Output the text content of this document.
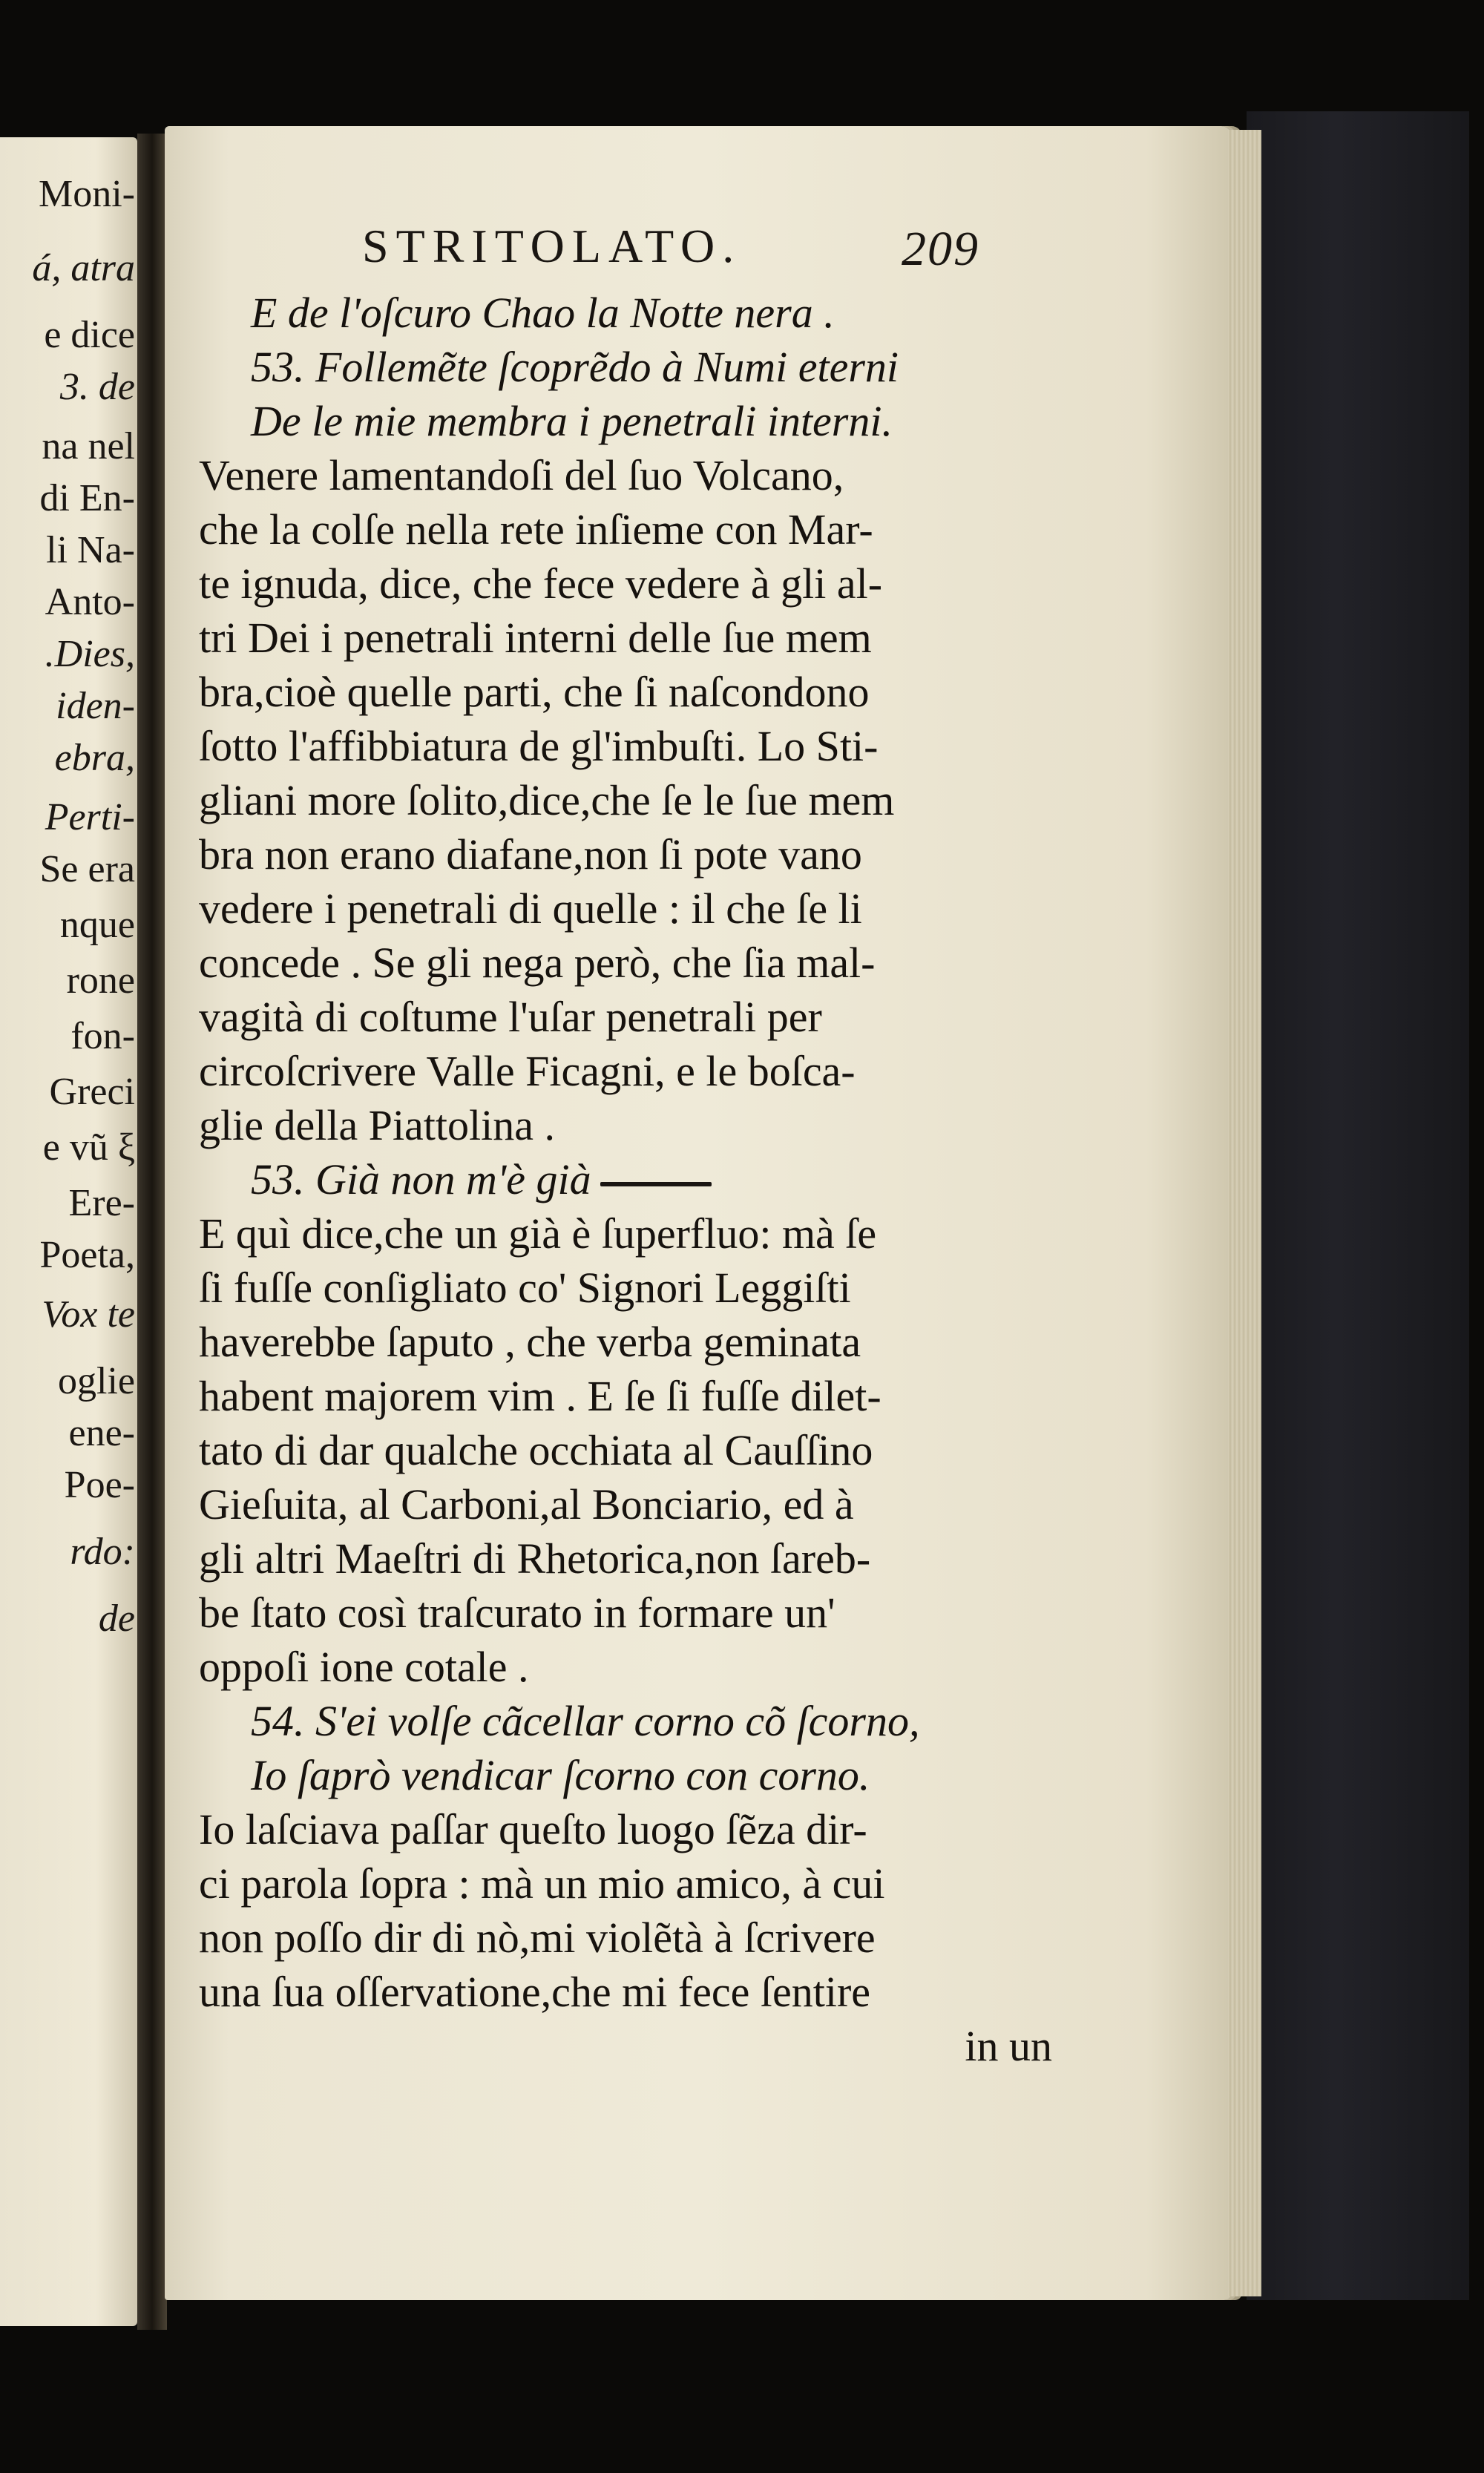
Moni-
á, atra
e dice
3. de
na nel
di En-
li Na-
Anto-
.Dies,
iden-
ebra,
Perti-
Se era
nque
rone
fon-
Greci
e vũ ξ
Ere-
Poeta,
Vox te
oglie
ene-
Poe-
rdo:
de
STRITOLATO.	209
E de l'oſcuro Chao la Notte nera .
53. Follemẽte ſcoprẽdo à Numi eterni
De le mie membra i penetrali interni.
Venere lamentandoſi del ſuo Volcano,
che la colſe nella rete inſieme con Mar-
te ignuda, dice, che fece vedere à gli al-
tri Dei i penetrali interni delle ſue mem
bra,cioè quelle parti, che ſi naſcondono
ſotto l'affibbiatura de gl'imbuſti. Lo Sti-
gliani more ſolito,dice,che ſe le ſue mem
bra non erano diafane,non ſi pote vano
vedere i penetrali di quelle : il che ſe li
concede . Se gli nega però, che ſia mal-
vagità di coſtume l'uſar penetrali per
circoſcrivere Valle Ficagni, e le boſca-
glie della Piattolina .
53. Già non m'è già
E quì dice,che un già è ſuperfluo: mà ſe
ſi fuſſe conſigliato co' Signori Leggiſti
haverebbe ſaputo , che verba geminata
habent majorem vim . E ſe ſi fuſſe dilet-
tato di dar qualche occhiata al Cauſſino
Gieſuita, al Carboni,al Bonciario, ed à
gli altri Maeſtri di Rhetorica,non ſareb-
be ſtato così traſcurato in formare un'
oppoſi ione cotale .
54. S'ei volſe cãcellar corno cõ ſcorno,
Io ſaprò vendicar ſcorno con corno.
Io laſciava paſſar queſto luogo ſẽza dir-
ci parola ſopra : mà un mio amico, à cui
non poſſo dir di nò,mi violẽtà à ſcrivere
una ſua oſſervatione,che mi fece ſentire
in un
